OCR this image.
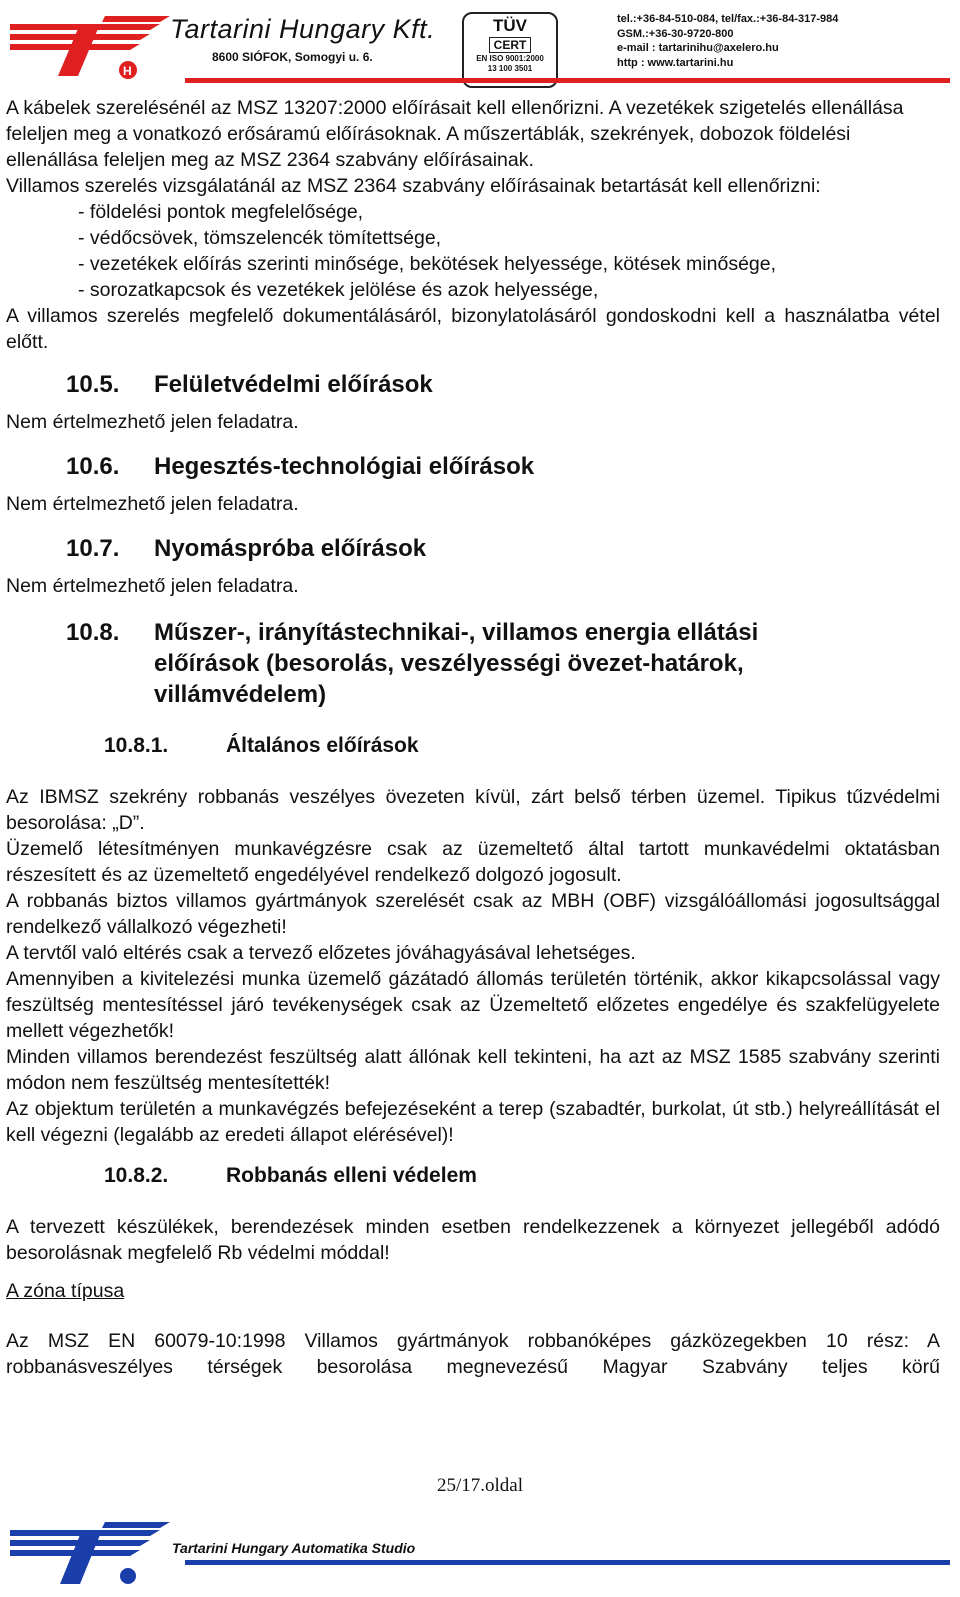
H
Tartarini Hungary Kft.
8600 SIÓFOK, Somogyi u. 6.
TÜV
CERT
EN ISO 9001:2000
13 100 3501
tel.:+36-84-510-084, tel/fax.:+36-84-317-984
GSM.:+36-30-9720-800
e-mail : tartarinihu@axelero.hu
http : www.tartarini.hu

A kábelek szerelésénél az MSZ 13207:2000 előírásait kell ellenőrizni. A vezetékek szigetelés ellenállása feleljen meg a vonatkozó erősáramú előírásoknak. A műszertáblák, szekrények, dobozok földelési ellenállása feleljen meg az MSZ 2364 szabvány előírásainak.

Villamos szerelés vizsgálatánál az MSZ 2364 szabvány előírásainak betartását kell ellenőrizni:

- földelési pontok megfelelősége,

- védőcsövek, tömszelencék tömítettsége,

- vezetékek előírás szerinti minősége, bekötések helyessége, kötések minősége,

- sorozatkapcsok és vezetékek jelölése és azok helyessége,

A villamos szerelés megfelelő dokumentálásáról, bizonylatolásáról gondoskodni kell a használatba vétel előtt.

10.5.	Felületvédelmi előírások

Nem értelmezhető jelen feladatra.

10.6.	Hegesztés-technológiai előírások

Nem értelmezhető jelen feladatra.

10.7.	Nyomáspróba előírások

Nem értelmezhető jelen feladatra.

10.8.	Műszer-, irányítástechnikai-, villamos energia ellátási előírások (besorolás, veszélyességi övezet-határok, villámvédelem)
10.8.1.	Általános előírások

Az IBMSZ szekrény robbanás veszélyes övezeten kívül, zárt belső térben üzemel. Tipikus tűzvédelmi besorolása: „D”.

Üzemelő létesítményen munkavégzésre csak az üzemeltető által tartott munkavédelmi oktatásban részesített és az üzemeltető engedélyével rendelkező dolgozó jogosult.

A robbanás biztos villamos gyártmányok szerelését csak az MBH (OBF) vizsgálóállomási jogosultsággal rendelkező vállalkozó végezheti!

A tervtől való eltérés csak a tervező előzetes jóváhagyásával lehetséges.

Amennyiben a kivitelezési munka üzemelő gázátadó állomás területén történik, akkor kikapcsolással vagy feszültség mentesítéssel járó tevékenységek csak az Üzemeltető előzetes engedélye és szakfelügyelete mellett végezhetők!

Minden villamos berendezést feszültség alatt állónak kell tekinteni, ha azt az MSZ 1585 szabvány szerinti módon nem feszültség mentesítették!

Az objektum területén a munkavégzés befejezéseként a terep (szabadtér, burkolat, út stb.) helyreállítását el kell végezni (legalább az eredeti állapot elérésével)!

10.8.2.	Robbanás elleni védelem

A tervezett készülékek, berendezések minden esetben rendelkezzenek a környezet jellegéből adódó besorolásnak megfelelő Rb védelmi móddal!

A zóna típusa

Az MSZ EN 60079-10:1998 Villamos gyártmányok robbanóképes gázközegekben 10 rész: A robbanásveszélyes térségek besorolása megnevezésű Magyar Szabvány teljes körű

25/17.oldal
Tartarini Hungary Automatika Studio
